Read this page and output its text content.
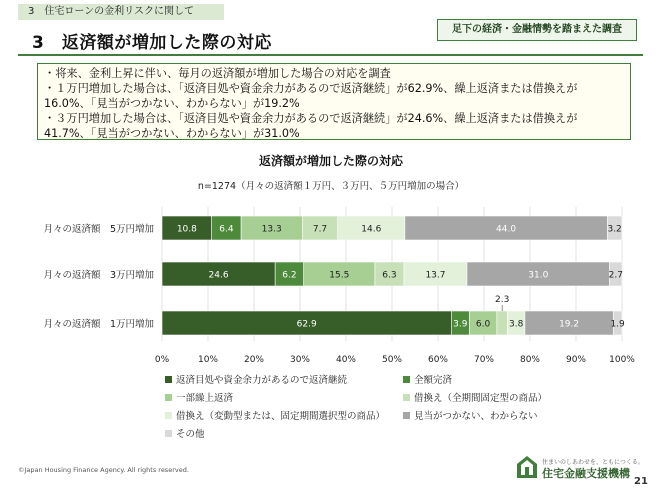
3　住宅ローンの金利リスクに関して
3　返済額が増加した際の対応
足下の経済・金融情勢を踏まえた調査

・将来、金利上昇に伴い、毎月の返済額が増加した場合の対応を調査

・１万円増加した場合は、「返済目処や資金余力があるので返済継続」が62.9%、繰上返済または借換えが16.0%、「見当がつかない、わからない」が19.2%

・３万円増加した場合は、「返済目処や資金余力があるので返済継続」が24.6%、繰上返済または借換えが41.7%、「見当がつかない、わからない」が31.0%

返済額が増加した際の対応
n=1274（月々の返済額１万円、３万円、５万円増加の場合）
0%	10%	20%	30%	40%	50%	60%	70%	80%	90%	100%
月々の返済額　5万円増加
月々の返済額　3万円増加
月々の返済額　1万円増加
10.8 6.4	13.3	7.7	14.6	44.0	3.2
24.6	6.2	15.5	6.3	13.7	31.0	2.7
62.9	3.9 6.0
2.3
3.8	19.2	1.9
返済目処や資金余力があるので返済継続	全額完済
一部繰上返済	借換え（全期間固定型の商品）
借換え（変動型または、固定期間選択型の商品）	見当がつかない、わからない
その他
©Japan Housing Finance Agency. All rights reserved.
住まいのしあわせを、ともにつくる。
住宅金融支援機構
21
